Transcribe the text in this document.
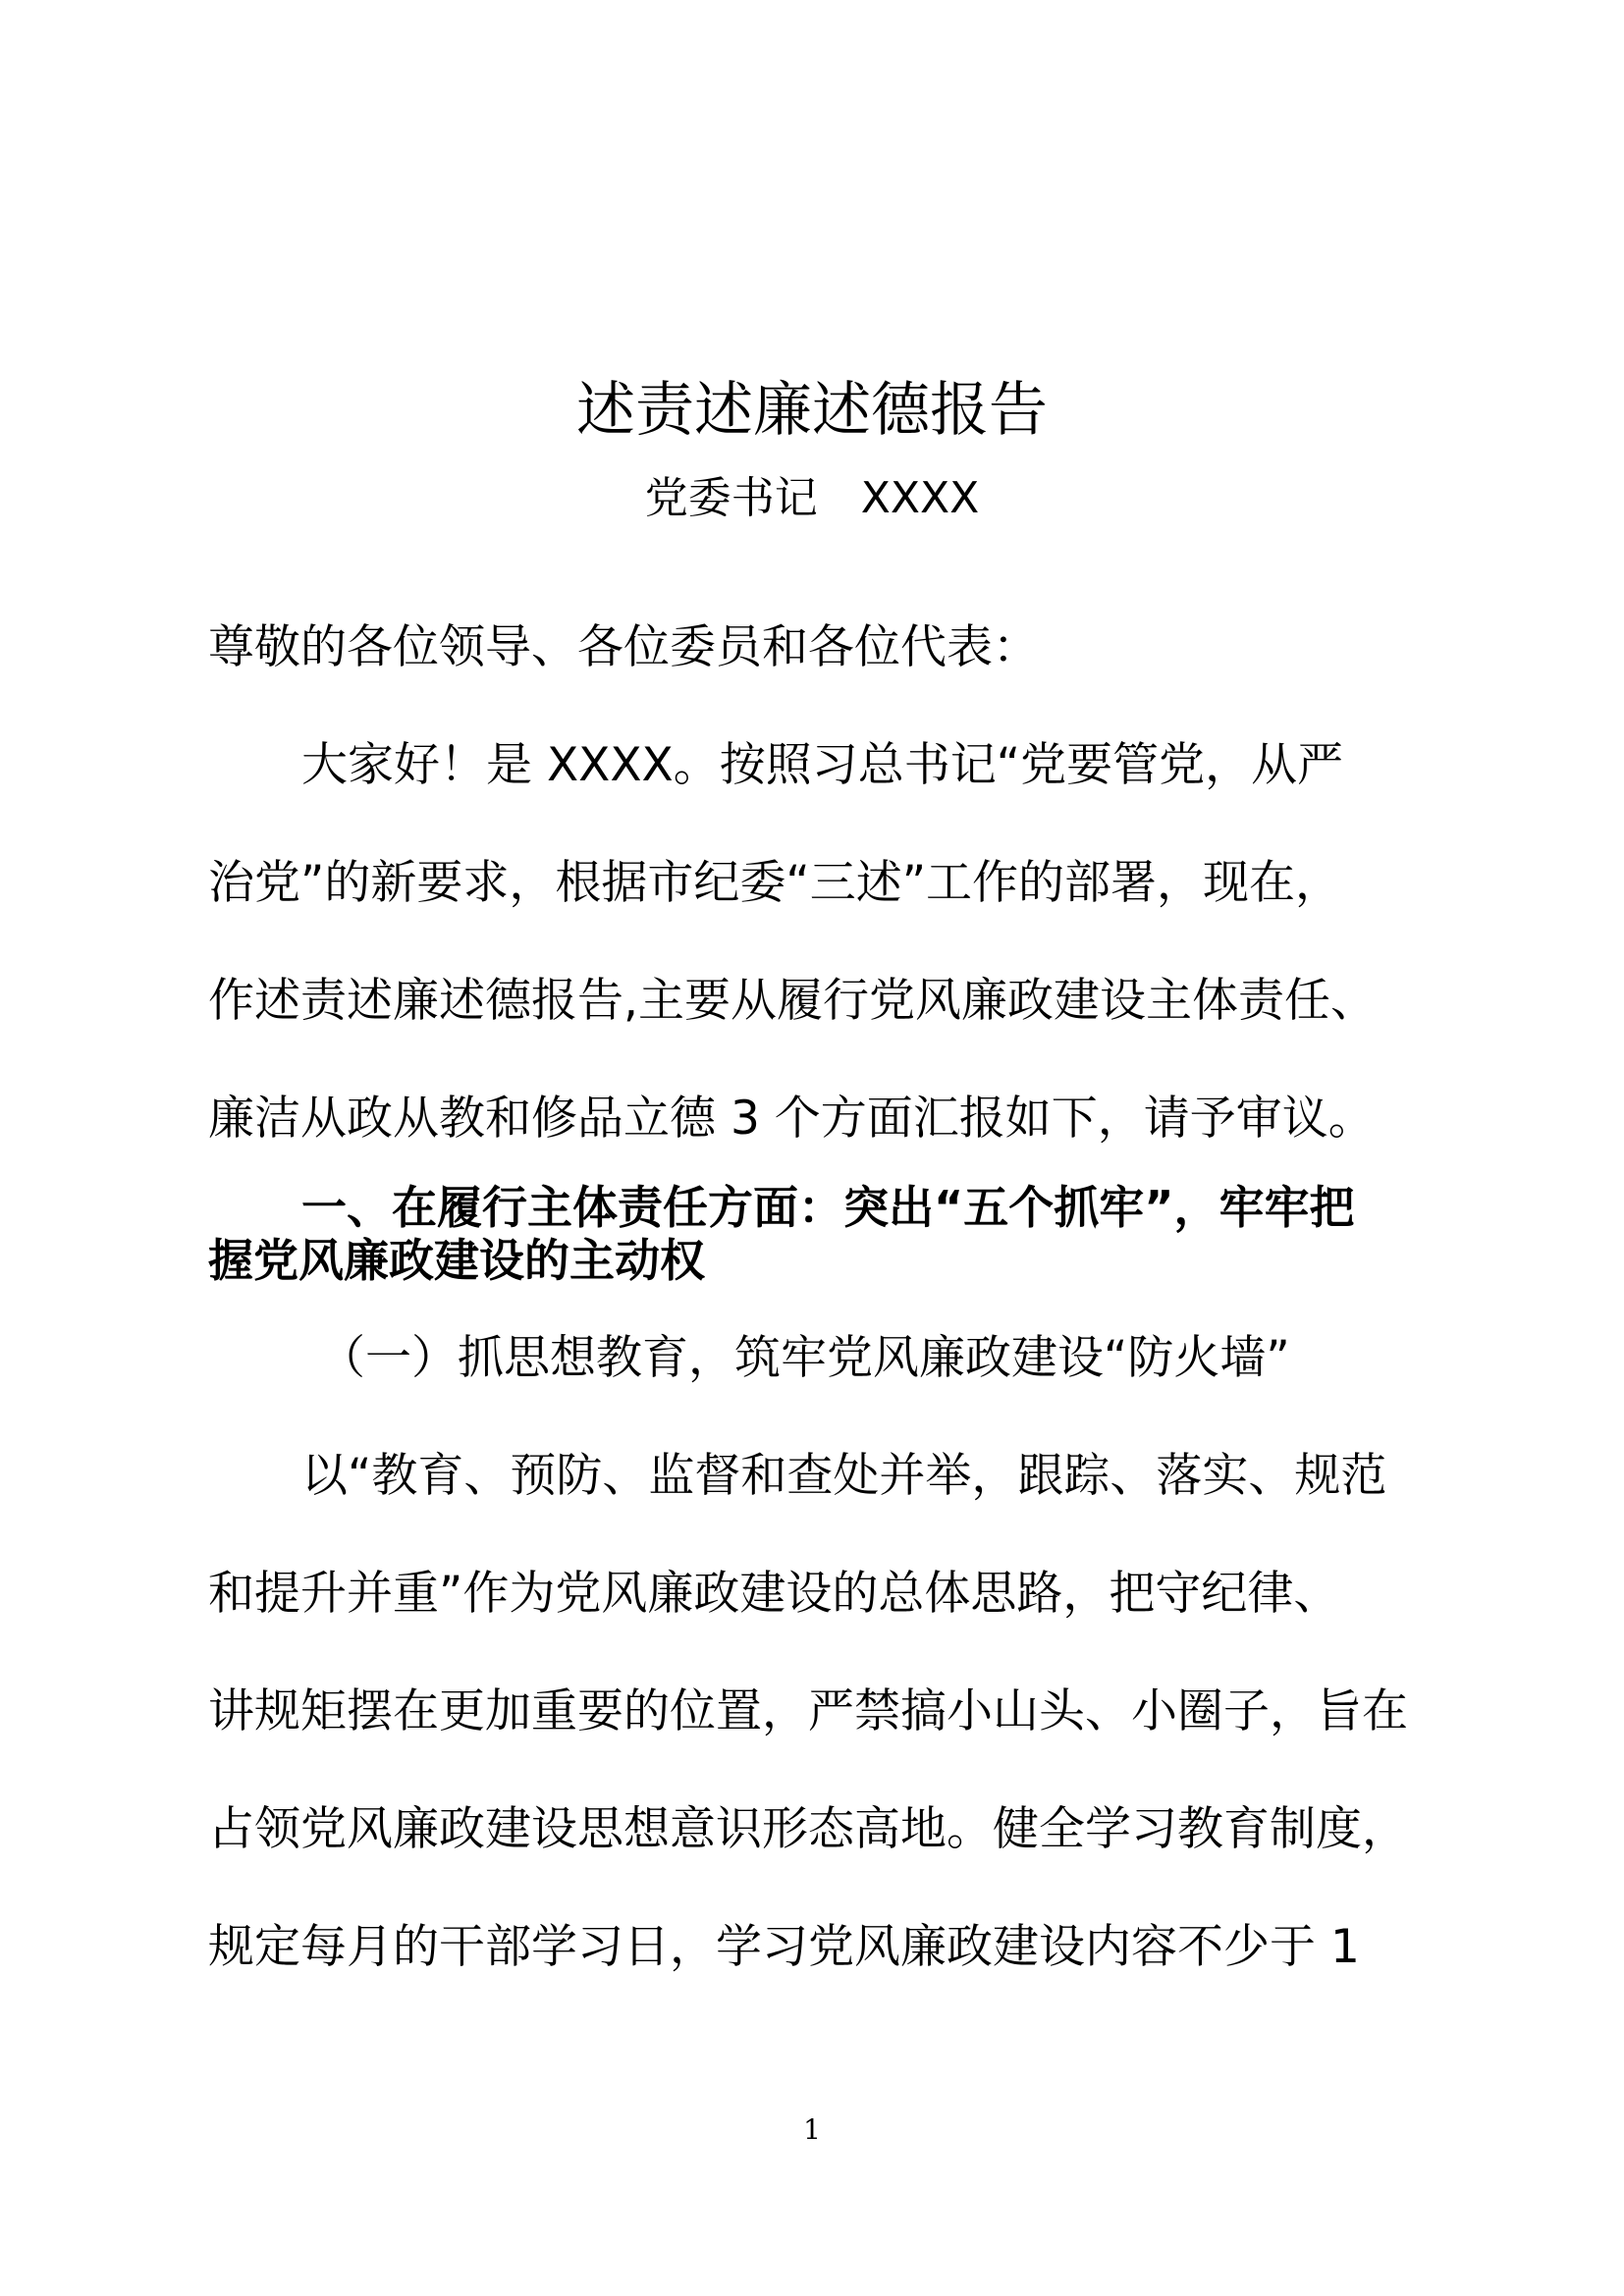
述责述廉述德报告
党委书记　XXXX
尊敬的各位领导、各位委员和各位代表：
大家好！是 XXXX。按照习总书记“党要管党，从严
治党”的新要求，根据市纪委“三述”工作的部署，现在，
作述责述廉述德报告,主要从履行党风廉政建设主体责任、
廉洁从政从教和修品立德 3 个方面汇报如下，请予审议。
一、在履行主体责任方面：突出“五个抓牢”，牢牢把
握党风廉政建设的主动权
（一）抓思想教育，筑牢党风廉政建设“防火墙”
以“教育、预防、监督和查处并举，跟踪、落实、规范
和提升并重”作为党风廉政建设的总体思路，把守纪律、
讲规矩摆在更加重要的位置，严禁搞小山头、小圈子，旨在
占领党风廉政建设思想意识形态高地。健全学习教育制度，
规定每月的干部学习日，学习党风廉政建设内容不少于 1
1
